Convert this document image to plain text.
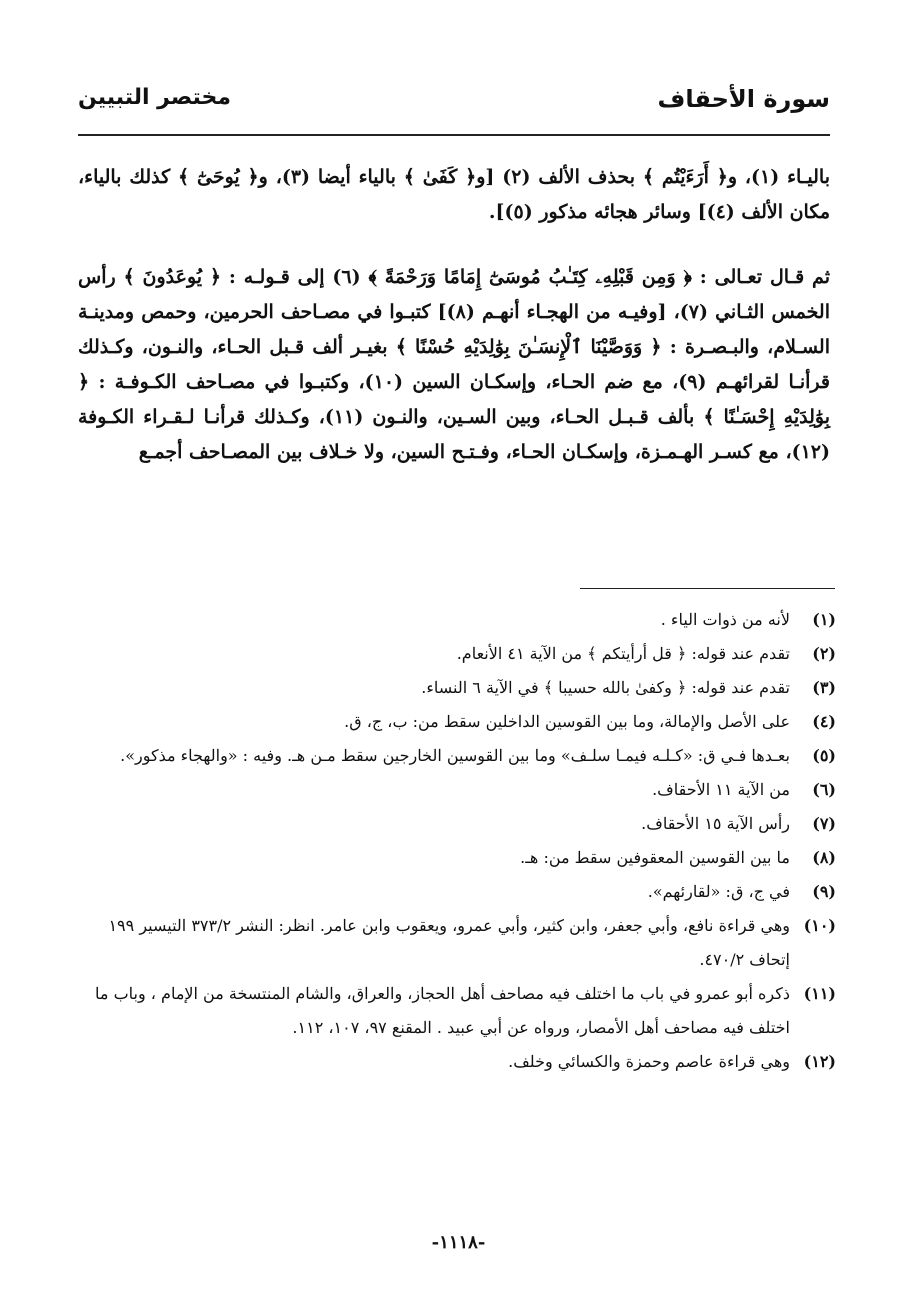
سورة الأحقاف
مختصر التبيين

باليـاء (١)، و﴿ أَرَءَيْتُم ﴾ بحذف الألف (٢) [و﴿ كَفَىٰ ﴾ بالياء أيضا (٣)، و﴿ يُوحَىٰٓ ﴾ كذلك بالياء، مكان الألف (٤)] وسائر هجائه مذكور (٥)].

ثم قـال تعـالى : ﴿ وَمِن قَبْلِهِۦ كِتَـٰبُ مُوسَىٰٓ إِمَامًا وَرَحْمَةً ﴾ (٦) إلى قـولـه : ﴿ يُوعَدُونَ ﴾ رأس الخمس الثـاني (٧)، [وفيـه من الهجـاء أنهـم (٨)] كتبـوا في مصـاحف الحرمين، وحمص ومدينـة السـلام، والبـصـرة : ﴿ وَوَصَّيْنَا ٱلْإِنسَـٰنَ بِوَٰلِدَيْهِ حُسْنًا ﴾ بغيـر ألف قـبل الحـاء، والنـون، وكـذلك قرأنـا لقرائهـم (٩)، مع ضم الحـاء، وإسكـان السين (١٠)، وكتبـوا في مصـاحف الكـوفـة : ﴿ بِوَٰلِدَيْهِ إِحْسَـٰنًا ﴾ بألف قـبـل الحـاء، وبين السـين، والنـون (١١)، وكـذلك قرأنـا لـقـراء الكـوفة (١٢)، مع كسـر الهـمـزة، وإسكـان الحـاء، وفـتـح السين، ولا خـلاف بين المصـاحف أجمـع

(١)
لأنه من ذوات الياء .
(٢)
تقدم عند قوله: ﴿ قل أرأيتكم ﴾ من الآية ٤١ الأنعام.
(٣)
تقدم عند قوله: ﴿ وكفىٰ بالله حسيبا ﴾ في الآية ٦ النساء.
(٤)
على الأصل والإمالة، وما بين القوسين الداخلين سقط من: ب، ج، ق.
(٥)
بعـدها فـي ق: «كـلـه فيمـا سلـف» وما بين القوسين الخارجين سقط مـن هـ. وفيه : «والهجاء مذكور».
(٦)
من الآية ١١ الأحقاف.
(٧)
رأس الآية ١٥ الأحقاف.
(٨)
ما بين القوسين المعقوفين سقط من: هـ.
(٩)
في ج، ق: «لقارئهم».
(١٠)
وهي قراءة نافع، وأبي جعفر، وابن كثير، وأبي عمرو، ويعقوب وابن عامر. انظر: النشر ٣٧٣/٢ التيسير ١٩٩ إتحاف ٤٧٠/٢.
(١١)
ذكره أبو عمرو في باب ما اختلف فيه مصاحف أهل الحجاز، والعراق، والشام المنتسخة من الإمام ، وباب ما اختلف فيه مصاحف أهل الأمصار، ورواه عن أبي عبيد . المقنع ٩٧، ١٠٧، ١١٢.
(١٢)
وهي قراءة عاصم وحمزة والكسائي وخلف.
-١١١٨-
